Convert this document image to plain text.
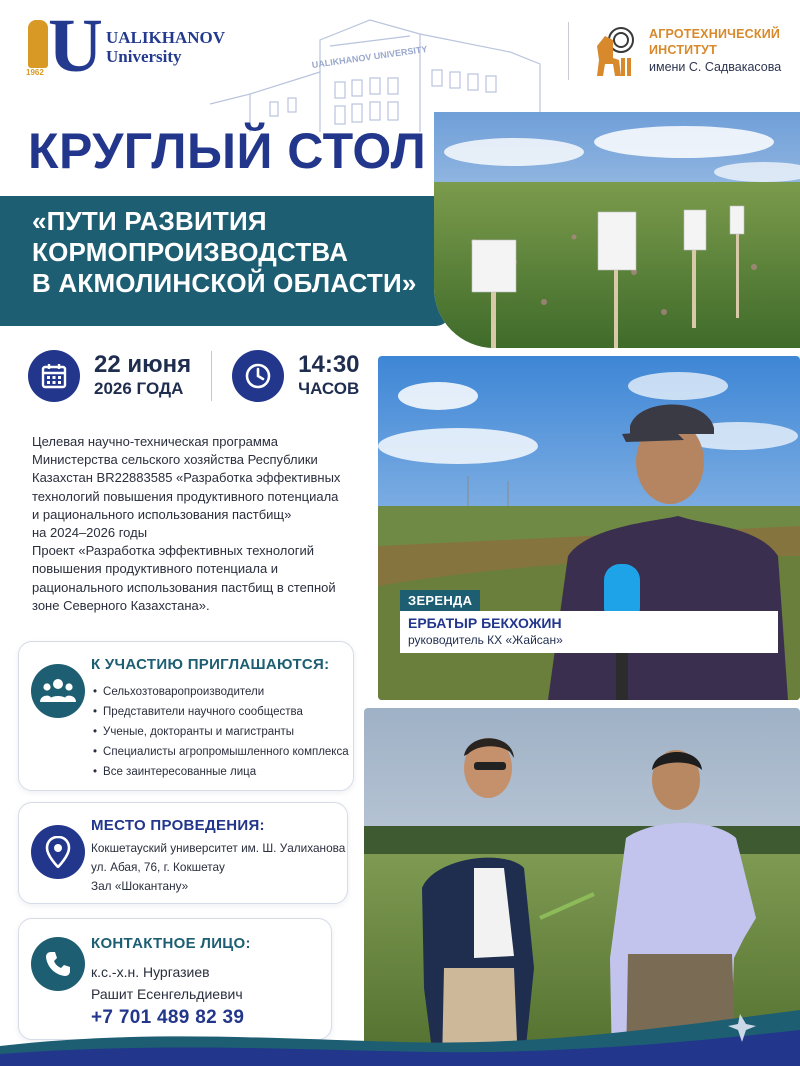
1962 U UALIKHANOV
University	UALIKHANOV UNIVERSITY
АГРОТЕХНИЧЕСКИЙ
ИНСТИТУТ
имени С. Садвакасова
КРУГЛЫЙ СТОЛ
«ПУТИ РАЗВИТИЯ
КОРМОПРОИЗВОДСТВА
В АКМОЛИНСКОЙ ОБЛАСТИ»
22 июня
2026 ГОДА
14:30
ЧАСОВ
Целевая научно-техническая программа
Министерства сельского хозяйства Республики
Казахстан BR22883585 «Разработка эффективных
технологий повышения продуктивного потенциала
и рационального использования пастбищ»
на 2024–2026 годы
Проект «Разработка эффективных технологий
повышения продуктивного потенциала и
рационального использования пастбищ в степной
зоне Северного Казахстана».
К УЧАСТИЮ ПРИГЛАШАЮТСЯ:
• Сельхозтоваропроизводители
• Представители научного сообщества
• Ученые, докторанты и магистранты
• Специалисты агропромышленного комплекса
• Все заинтересованные лица
МЕСТО ПРОВЕДЕНИЯ:
Кокшетауский университет им. Ш. Уалиханова
ул. Абая, 76, г. Кокшетау
Зал «Шокантану»
КОНТАКТНОЕ ЛИЦО:
к.с.-х.н. Нургазиев
Рашит Есенгельдиевич
+7 701 489 82 39
ЗЕРЕНДА
ЕРБАТЫР БЕКХОЖИН
руководитель КХ «Жайсан»
